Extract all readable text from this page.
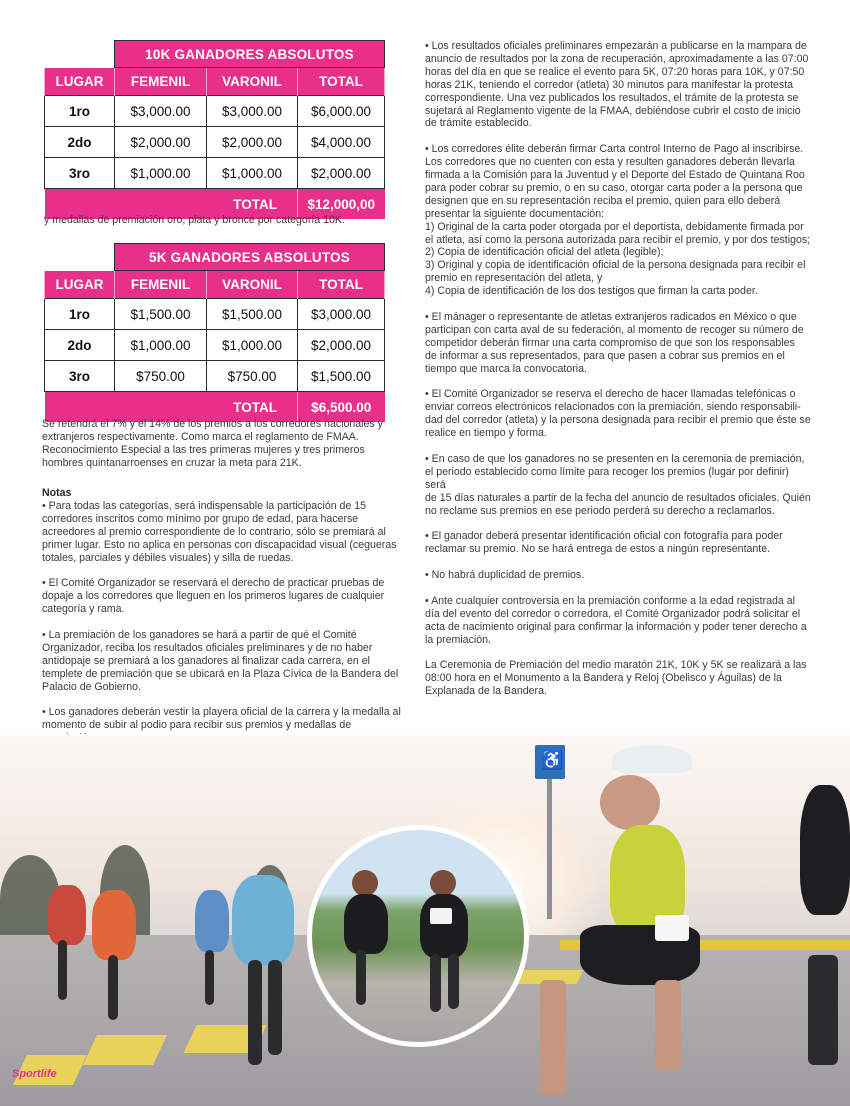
	10K GANADORES ABSOLUTOS		
LUGAR	FEMENIL	VARONIL	TOTAL
1ro	$3,000.00	$3,000.00	$6,000.00
2do	$2,000.00	$2,000.00	$4,000.00
3ro	$1,000.00	$1,000.00	$2,000.00
TOTAL			$12,000,00
y medallas de premiación oro, plata y bronce por categoría 10K.
	5K GANADORES ABSOLUTOS		
LUGAR	FEMENIL	VARONIL	TOTAL
1ro	$1,500.00	$1,500.00	$3,000.00
2do	$1,000.00	$1,000.00	$2,000.00
3ro	$750.00	$750.00	$1,500.00
TOTAL			$6,500.00
Se retendrá el 7% y el 14% de los premios a los corredores nacionales y
extranjeros respectivamente. Como marca el reglamento de FMAA.
Reconocimiento Especial a las tres primeras mujeres y tres primeros
hombres quintanarroenses en cruzar la meta para 21K.

Notas

• Para todas las categorías, será indispensable la participación de 15
corredores inscritos como mínimo por grupo de edad, para hacerse
acreedores al premio correspondiente de lo contrario, sólo se premiará al
primer lugar. Esto no aplica en personas con discapacidad visual (cegueras
totales, parciales y débiles visuales) y silla de ruedas.

• El Comité Organizador se reservará el derecho de practicar pruebas de
dopaje a los corredores que lleguen en los primeros lugares de cualquier
categoría y rama.

• La premiación de los ganadores se hará a partir de qué el Comité
Organizador, reciba los resultados oficiales preliminares y de no haber
antidopaje se premiará a los ganadores al finalizar cada carrera, en el
templete de premiación que se ubicará en la Plaza Cívica de la Bandera del
Palacio de Gobierno.

• Los ganadores deberán vestir la playera oficial de la carrera y la medalla al
momento de subir al podio para recibir sus premios y medallas de

♿

• Los resultados oficiales preliminares empezarán a publicarse en la mampara de
anuncio de resultados por la zona de recuperación, aproximadamente a las 07:00
horas del día en que se realice el evento para 5K, 07:20 horas para 10K, y 07:50
horas 21K, teniendo el corredor (atleta) 30 minutos para manifestar la protesta
correspondiente. Una vez publicados los resultados, el trámite de la protesta se
sujetará al Reglamento vigente de la FMAA, debiéndose cubrir el costo de inicio
de trámite establecido.

• Los corredores élite deberán firmar Carta control Interno de Pago al inscribirse.
Los corredores que no cuenten con esta y resulten ganadores deberán llevarla
firmada a la Comisión para la Juventud y el Deporte del Estado de Quintana Roo
para poder cobrar su premio, o en su caso, otorgar carta poder a la persona que
designen que en su representación reciba el premio, quien para ello deberá
presentar la siguiente documentación:
1) Original de la carta poder otorgada por el deportista, debidamente firmada por
el atleta, así como la persona autorizada para recibir el premio, y por dos testigos;
2) Copia de identificación oficial del atleta (legible);
3) Original y copia de identificación oficial de la persona designada para recibir el
premio en representación del atleta, y
4) Copia de identificación de los dos testigos que firman la carta poder.

• El mánager o representante de atletas extranjeros radicados en México o que
participan con carta aval de su federación, al momento de recoger su número de
competidor deberán firmar una carta compromiso de que son los responsables
de informar a sus representados, para que pasen a cobrar sus premios en el
tiempo que marca la convocatoria.

• El Comité Organizador se reserva el derecho de hacer llamadas telefónicas o
enviar correos electrónicos relacionados con la premiación, siendo responsabili-
dad del corredor (atleta) y la persona designada para recibir el premio que éste se
realice en tiempo y forma.

• En caso de que los ganadores no se presenten en la ceremonia de premiación,
el periodo establecido como límite para recoger los premios (lugar por definir) será
de 15 días naturales a partir de la fecha del anuncio de resultados oficiales. Quién
no reclame sus premios en ese periodo perderá su derecho a reclamarlos.

• El ganador deberá presentar identificación oficial con fotografía para poder
reclamar su premio. No se hará entrega de estos a ningún representante.

• No habrá duplicidad de premios.

• Ante cualquier controversia en la premiación conforme a la edad registrada al
día del evento del corredor o corredora, el Comité Organizador podrá solicitar el
acta de nacimiento original para confirmar la información y poder tener derecho a
la premiación.

La Ceremonia de Premiación del medio maratón 21K, 10K y 5K se realizará a las
08:00 hora en el Monumento a la Bandera y Reloj (Obelisco y Águilas) de la
Explanada de la Bandera.

Sportlife
